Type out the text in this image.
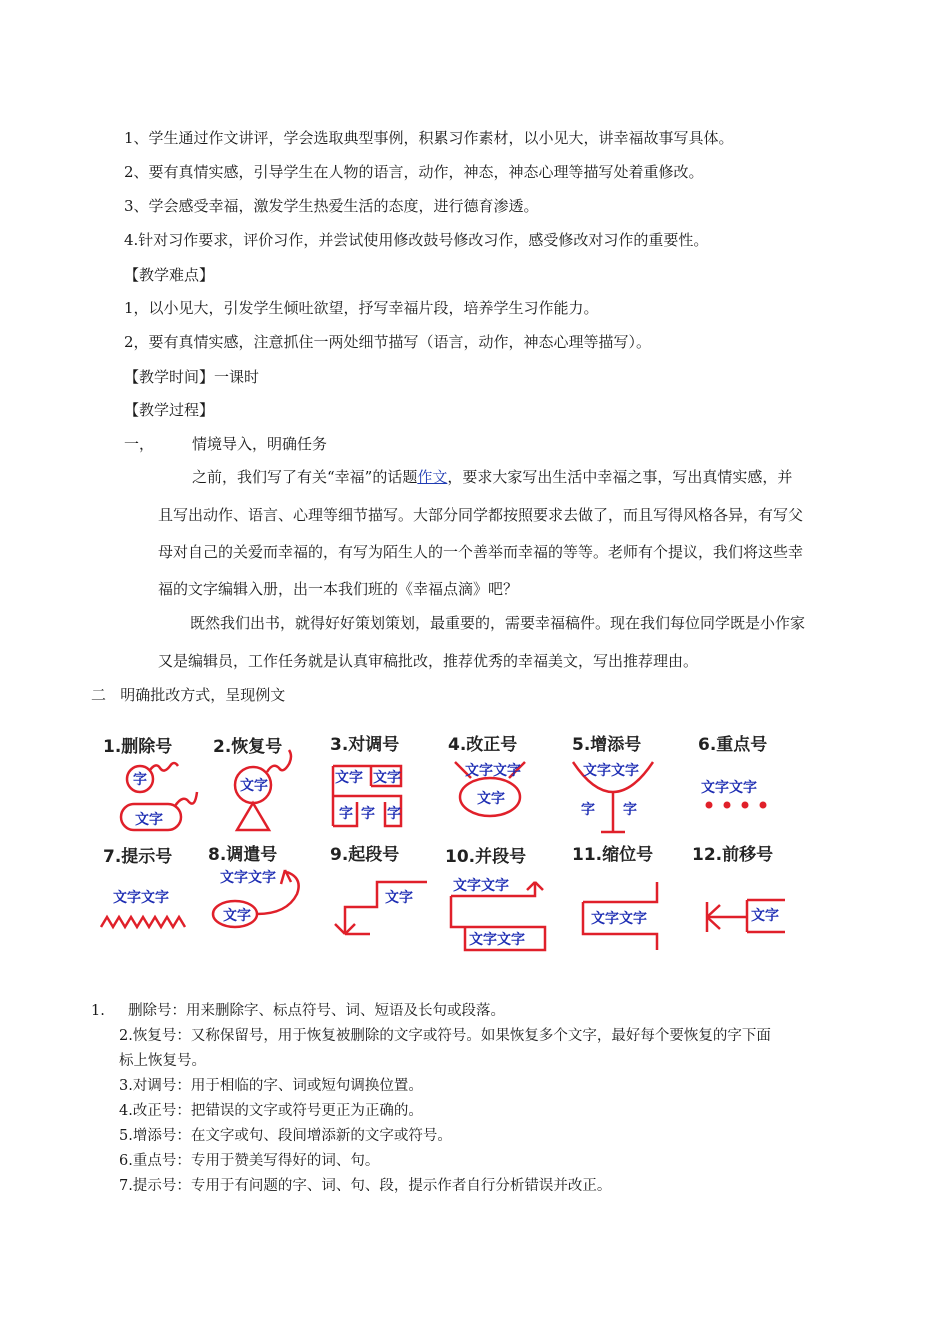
1、学生通过作文讲评，学会选取典型事例，积累习作素材，以小见大，讲幸福故事写具体。
2、要有真情实感，引导学生在人物的语言，动作，神态，神态心理等描写处着重修改。
3、学会感受幸福，激发学生热爱生活的态度，进行德育渗透。
4.针对习作要求，评价习作，并尝试使用修改鼓号修改习作，感受修改对习作的重要性。
【教学难点】
1，以小见大，引发学生倾吐欲望，抒写幸福片段，培养学生习作能力。
2，要有真情实感，注意抓住一两处细节描写（语言，动作，神态心理等描写）。
【教学时间】一课时
【教学过程】
一，	情境导入，明确任务
之前，我们写了有关“幸福”的话题作文，要求大家写出生活中幸福之事，写出真情实感，并
且写出动作、语言、心理等细节描写。大部分同学都按照要求去做了，而且写得风格各异，有写父
母对自己的关爱而幸福的，有写为陌生人的一个善举而幸福的等等。老师有个提议，我们将这些幸
福的文字编辑入册，出一本我们班的《幸福点滴》吧？
既然我们出书，就得好好策划策划，最重要的，需要幸福稿件。现在我们每位同学既是小作家
又是编辑员，工作任务就是认真审稿批改，推荐优秀的幸福美文，写出推荐理由。
二   明确批改方式，呈现例文
1.删除号 2.恢复号	3.对调号	4.改正号	5.增添号	6.重点号
7.提示号 8.调遣号	9.起段号	10.并段号	11.缩位号 12.前移号
字
文字
文字	文字 文字
字 字 字
文字文字
文字
文字文字
字 字
文字文字
文字文字
文字文字
文字
文字
文字文字
文字文字
文字文字	文字
1. 删除号：用来删除字、标点符号、词、短语及长句或段落。
2.恢复号：又称保留号，用于恢复被删除的文字或符号。如果恢复多个文字，最好每个要恢复的字下面
标上恢复号。
3.对调号：用于相临的字、词或短句调换位置。
4.改正号：把错误的文字或符号更正为正确的。
5.增添号：在文字或句、段间增添新的文字或符号。
6.重点号：专用于赞美写得好的词、句。
7.提示号：专用于有问题的字、词、句、段，提示作者自行分析错误并改正。
